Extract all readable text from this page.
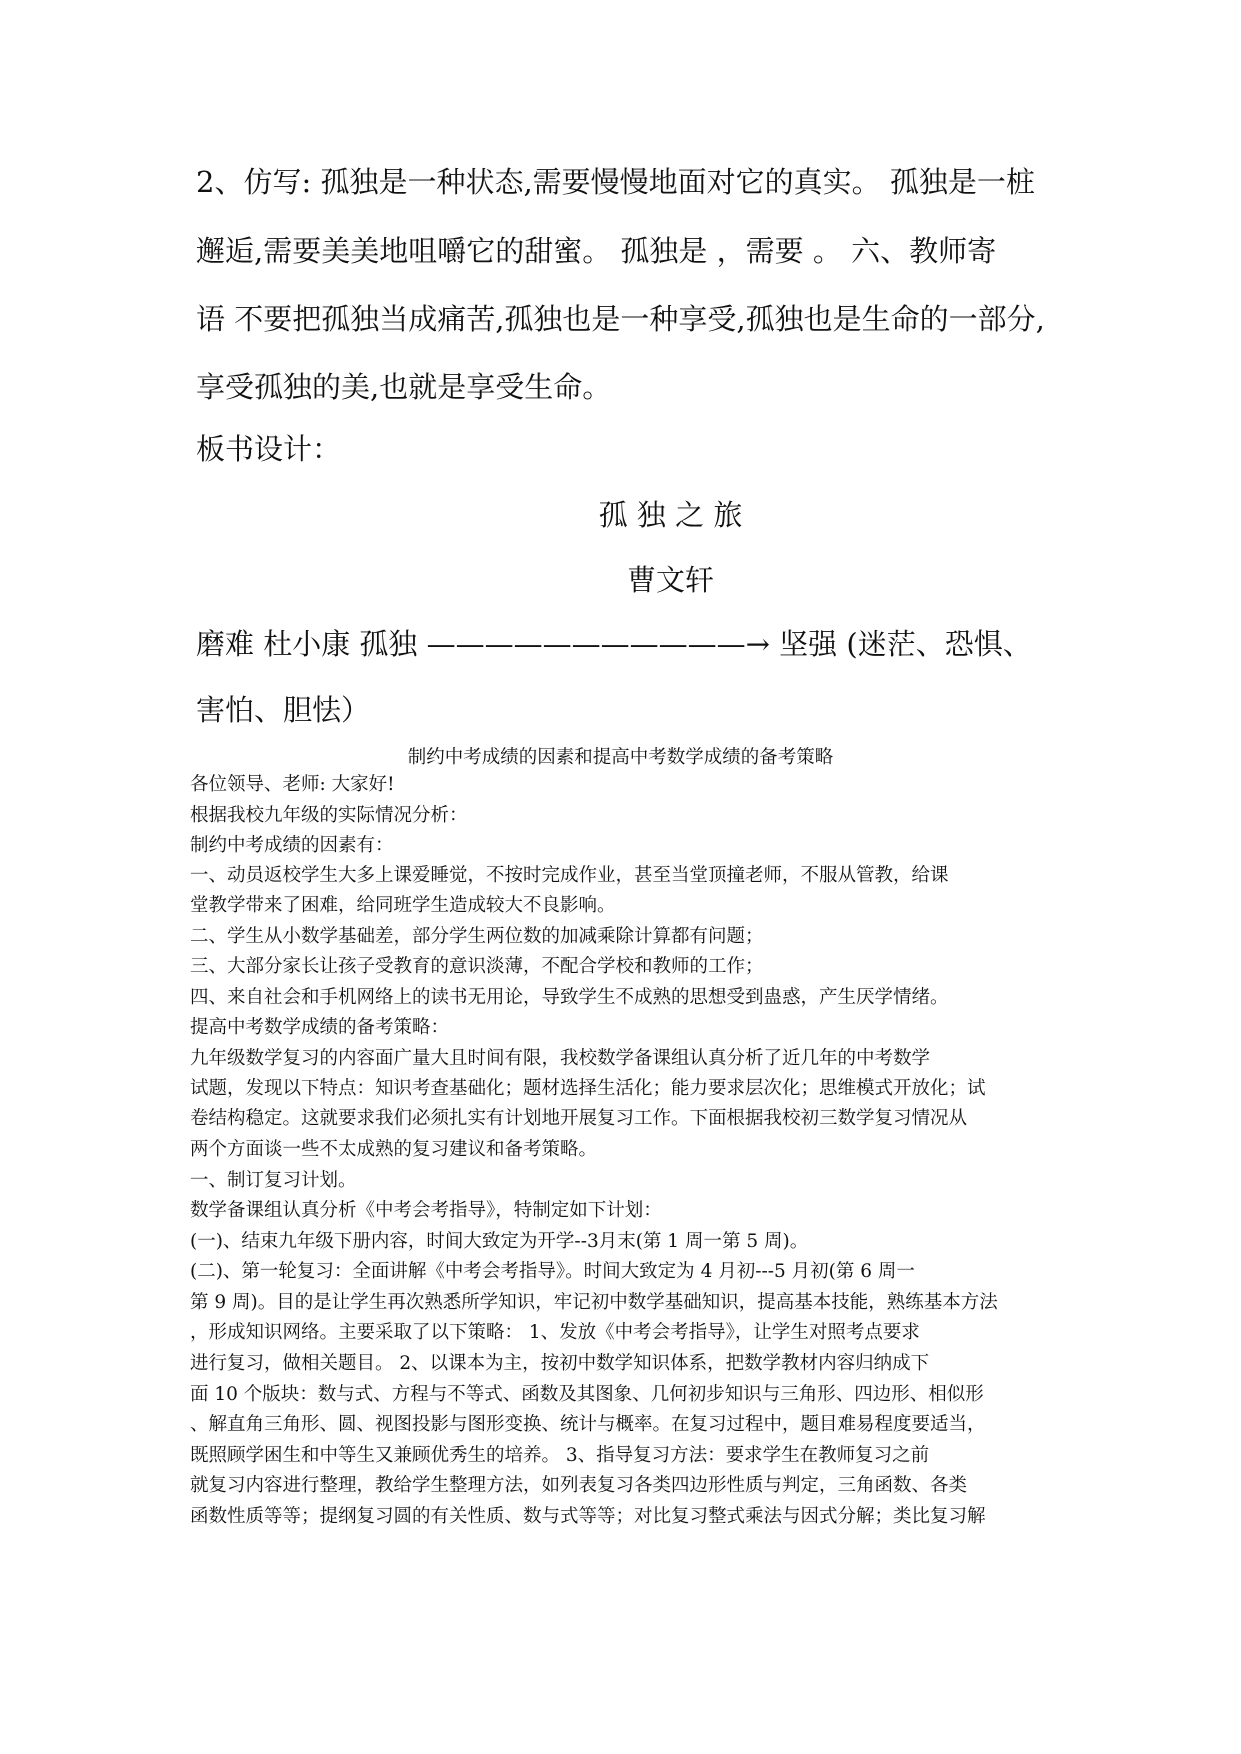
2、仿写: 孤独是一种状态,需要慢慢地面对它的真实。 孤独是一桩
邂逅,需要美美地咀嚼它的甜蜜。 孤独是 ，需要 。 六、教师寄
语 不要把孤独当成痛苦,孤独也是一种享受,孤独也是生命的一部分,
享受孤独的美,也就是享受生命。
板书设计：
孤 独 之 旅
曹文轩
磨难 杜小康 孤独 ———————————→ 坚强 (迷茫、恐惧、
害怕、胆怯）
制约中考成绩的因素和提高中考数学成绩的备考策略
各位领导、老师: 大家好!
根据我校九年级的实际情况分析：
制约中考成绩的因素有：
一、动员返校学生大多上课爱睡觉，不按时完成作业，甚至当堂顶撞老师，不服从管教，给课
堂教学带来了困难，给同班学生造成较大不良影响。
二、学生从小数学基础差，部分学生两位数的加减乘除计算都有问题；
三、大部分家长让孩子受教育的意识淡薄，不配合学校和教师的工作；
四、来自社会和手机网络上的读书无用论，导致学生不成熟的思想受到蛊惑，产生厌学情绪。
提高中考数学成绩的备考策略：
九年级数学复习的内容面广量大且时间有限，我校数学备课组认真分析了近几年的中考数学
试题，发现以下特点：知识考查基础化；题材选择生活化；能力要求层次化；思维模式开放化；试
卷结构稳定。这就要求我们必须扎实有计划地开展复习工作。下面根据我校初三数学复习情况从
两个方面谈一些不太成熟的复习建议和备考策略。
一、制订复习计划。
数学备课组认真分析《中考会考指导》，特制定如下计划：
(一)、结束九年级下册内容，时间大致定为开学--3月末(第 1 周一第 5 周)。
(二)、第一轮复习：全面讲解《中考会考指导》。时间大致定为 4 月初---5 月初(第 6 周一
第 9 周)。目的是让学生再次熟悉所学知识，牢记初中数学基础知识，提高基本技能，熟练基本方法
，形成知识网络。主要采取了以下策略： 1、发放《中考会考指导》，让学生对照考点要求
进行复习，做相关题目。 2、以课本为主，按初中数学知识体系，把数学教材内容归纳成下
面 10 个版块：数与式、方程与不等式、函数及其图象、几何初步知识与三角形、四边形、相似形
、解直角三角形、圆、视图投影与图形变换、统计与概率。在复习过程中，题目难易程度要适当，
既照顾学困生和中等生又兼顾优秀生的培养。 3、指导复习方法：要求学生在教师复习之前
就复习内容进行整理，教给学生整理方法，如列表复习各类四边形性质与判定，三角函数、各类
函数性质等等；提纲复习圆的有关性质、数与式等等；对比复习整式乘法与因式分解；类比复习解
